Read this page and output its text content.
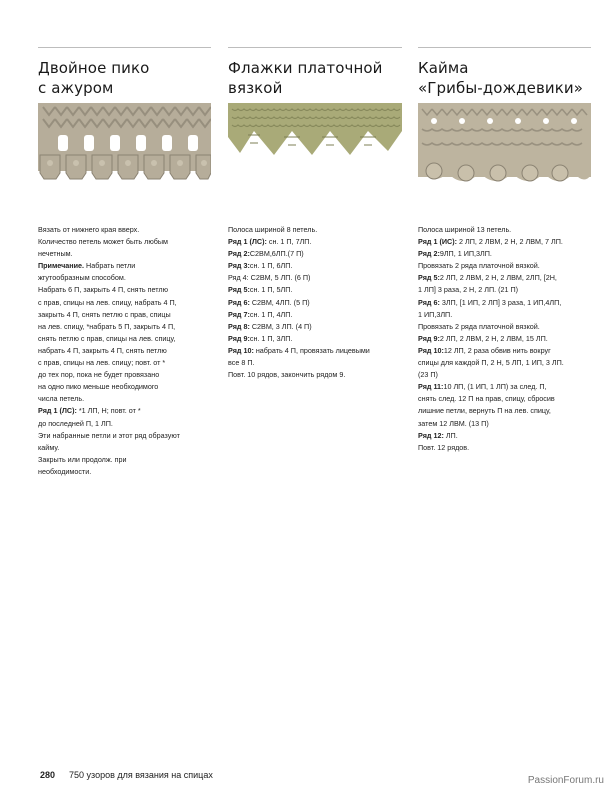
Двойное пико
с ажуром

Вязать от нижнего края вверх.

Количество петель может быть любым

нечетным.

Примечание. Набрать петли

жгутообразным способом.

Набрать 6 П, закрыть 4 П, снять петлю

с прав, спицы на лев. спицу, набрать 4 П,

закрыть 4 П, снять петлю с прав, спицы

на лев. спицу, *набрать 5 П, закрыть 4 П,

снять петлю с прав, спицы на лев. спицу,

набрать 4 П, закрыть 4 П, снять петлю

с прав, спицы на лев. спицу; повт. от *

до тех пор, пока не будет провязано

на одно пико меньше необходимого

числа петель.

Ряд 1 (ЛС): *1 ЛП, Н; повт. от *

до последней П, 1 ЛП.

Эти набранные петли и этот ряд образуют

кайму.

Закрыть или продолж. при

необходимости.

Флажки платочной
вязкой

Полоса шириной 8 петель.

Ряд 1 (ЛС): сн. 1 П, 7ЛП.

Ряд 2:С2ВМ,6ЛП.(7 П)

Ряд 3:сн. 1 П, 6ЛП.

Ряд 4: С2ВМ, 5 ЛП. (6 П)

Ряд 5:сн. 1 П, 5ЛП.

Ряд 6: С2ВМ, 4ЛП. (5 П)

Ряд 7:сн. 1 П, 4ЛП.

Ряд 8: С2ВМ, 3 ЛП. (4 П)

Ряд 9:сн. 1 П, 3ЛП.

Ряд 10: набрать 4 П, провязать лицевыми

все 8 П.

Повт. 10 рядов, закончить рядом 9.

Кайма
«Грибы-дождевики»

Полоса шириной 13 петель.

Ряд 1 (ИС): 2 ЛП, 2 ЛВМ, 2 Н, 2 ЛВМ, 7 ЛП.

Ряд 2:9ЛП, 1 ИП,3ЛП.

Провязать 2 ряда платочной вязкой.

Ряд 5:2 ЛП, 2 ЛВМ, 2 Н, 2 ЛВМ, 2ЛП, [2Н,

1 ЛП] 3 раза, 2 Н, 2 ЛП. (21 П)

Ряд 6: 3ЛП, [1 ИП, 2 ЛП] 3 раза, 1 ИП,4ЛП,

1 ИП,3ЛП.

Провязать 2 ряда платочной вязкой.

Ряд 9:2 ЛП, 2 ЛВМ, 2 Н, 2 ЛВМ, 15 ЛП.

Ряд 10:12 ЛП, 2 раза обвив нить вокруг

спицы для каждой П, 2 Н, 5 ЛП, 1 ИП, 3 ЛП.

(23 П)

Ряд 11:10 ЛП, (1 ИП, 1 ЛП) за след. П,

снять след. 12 П на прав, спицу, сбросив

лишние петли, вернуть П на лев. спицу,

затем 12 ЛВМ. (13 П)

Ряд 12: ЛП.

Повт. 12 рядов.

280 750 узоров для вязания на спицах	PassionForum.ru
